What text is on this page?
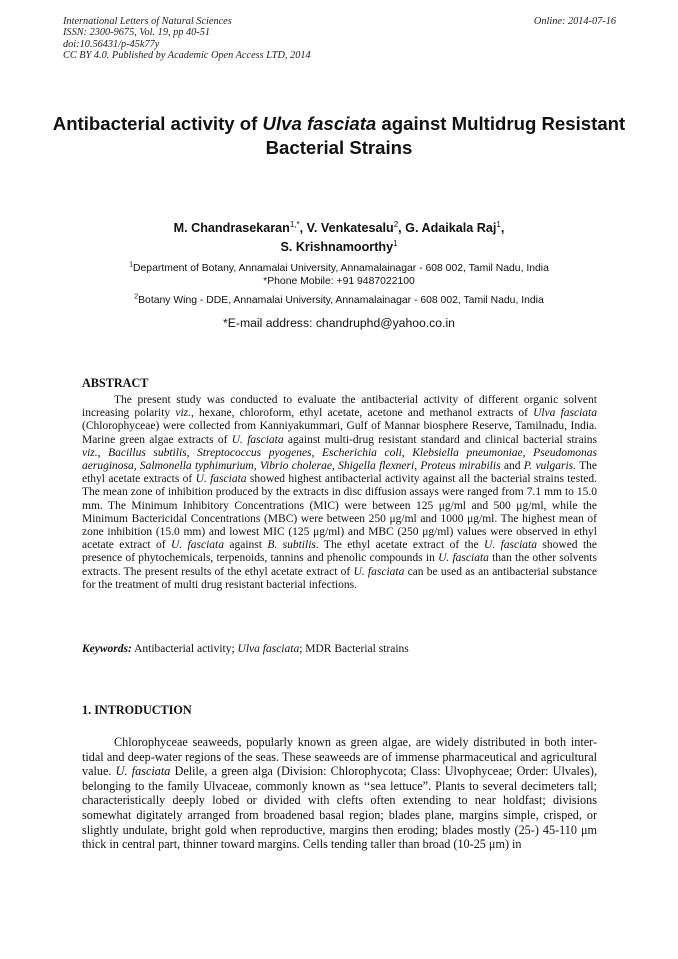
International Letters of Natural Sciences
ISSN: 2300-9675, Vol. 19, pp 40-51
doi:10.56431/p-45k77y
CC BY 4.0. Published by Academic Open Access LTD, 2014
Online: 2014-07-16
Antibacterial activity of Ulva fasciata against Multidrug Resistant Bacterial Strains
M. Chandrasekaran$^{1,*}$, V. Venkatesalu$^2$, G. Adaikala Raj$^1$,
S. Krishnamoorthy$^1$
$^1$Department of Botany, Annamalai University, Annamalainagar - 608 002, Tamil Nadu, India
*Phone Mobile: +91 9487022100
$^2$Botany Wing - DDE, Annamalai University, Annamalainagar - 608 002, Tamil Nadu, India
*E-mail address: chandruphd@yahoo.co.in
ABSTRACT

The present study was conducted to evaluate the antibacterial activity of different organic solvent increasing polarity viz., hexane, chloroform, ethyl acetate, acetone and methanol extracts of Ulva fasciata (Chlorophyceae) were collected from Kanniyakummari, Gulf of Mannar biosphere Reserve, Tamilnadu, India. Marine green algae extracts of U. fasciata against multi-drug resistant standard and clinical bacterial strains viz., Bacillus subtilis, Streptococcus pyogenes, Escherichia coli, Klebsiella pneumoniae, Pseudomonas aeruginosa, Salmonella typhimurium, Vibrio cholerae, Shigella flexneri, Proteus mirabilis and P. vulgaris. The ethyl acetate extracts of U. fasciata showed highest antibacterial activity against all the bacterial strains tested. The mean zone of inhibition produced by the extracts in disc diffusion assays were ranged from 7.1 mm to 15.0 mm. The Minimum Inhibitory Concentrations (MIC) were between 125 μg/ml and 500 μg/ml, while the Minimum Bactericidal Concentrations (MBC) were between 250 μg/ml and 1000 μg/ml. The highest mean of zone inhibition (15.0 mm) and lowest MIC (125 μg/ml) and MBC (250 μg/ml) values were observed in ethyl acetate extract of U. fasciata against B. subtilis. The ethyl acetate extract of the U. fasciata showed the presence of phytochemicals, terpenoids, tannins and phenolic compounds in U. fasciata than the other solvents extracts. The present results of the ethyl acetate extract of U. fasciata can be used as an antibacterial substance for the treatment of multi drug resistant bacterial infections.

Keywords: Antibacterial activity; Ulva fasciata; MDR Bacterial strains
1. INTRODUCTION

Chlorophyceae seaweeds, popularly known as green algae, are widely distributed in both inter-tidal and deep-water regions of the seas. These seaweeds are of immense pharmaceutical and agricultural value. U. fasciata Delile, a green alga (Division: Chlorophycota; Class: Ulvophyceae; Order: Ulvales), belonging to the family Ulvaceae, commonly known as ‘‘sea lettuce”. Plants to several decimeters tall; characteristically deeply lobed or divided with clefts often extending to near holdfast; divisions somewhat digitately arranged from broadened basal region; blades plane, margins simple, crisped, or slightly undulate, bright gold when reproductive, margins then eroding; blades mostly (25-) 45-110 μm thick in central part, thinner toward margins. Cells tending taller than broad (10-25 μm) in
